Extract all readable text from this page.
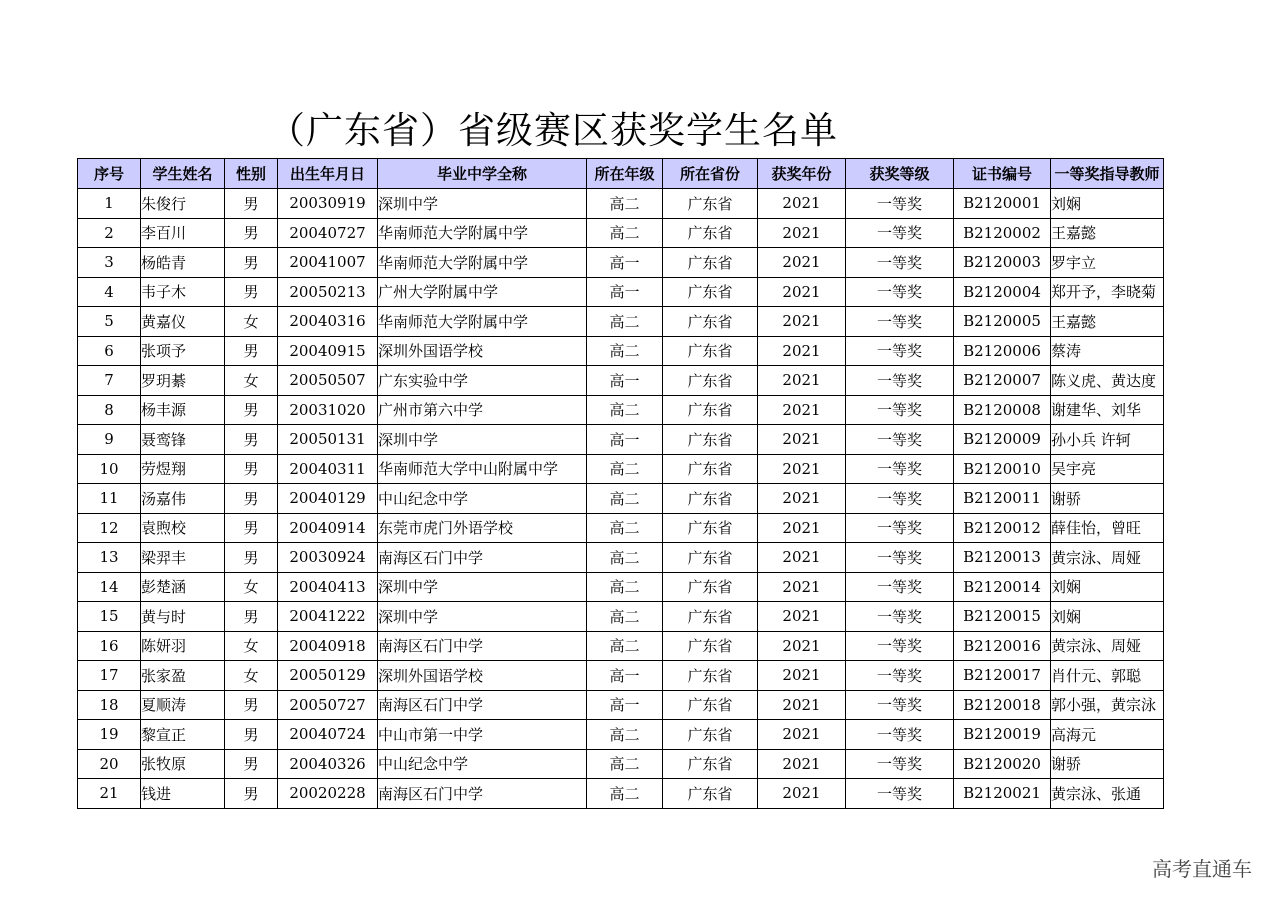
（广东省）省级赛区获奖学生名单
序号	学生姓名	性别	出生年月日	毕业中学全称	所在年级	所在省份	获奖年份	获奖等级	证书编号	一等奖指导教师
1	朱俊行	男	20030919	深圳中学	高二	广东省	2021	一等奖	B2120001	刘娴
2	李百川	男	20040727	华南师范大学附属中学	高二	广东省	2021	一等奖	B2120002	王嘉懿
3	杨皓青	男	20041007	华南师范大学附属中学	高一	广东省	2021	一等奖	B2120003	罗宇立
4	韦子木	男	20050213	广州大学附属中学	高一	广东省	2021	一等奖	B2120004	郑开予，李晓菊
5	黄嘉仪	女	20040316	华南师范大学附属中学	高二	广东省	2021	一等奖	B2120005	王嘉懿
6	张项予	男	20040915	深圳外国语学校	高二	广东省	2021	一等奖	B2120006	蔡涛
7	罗玥綦	女	20050507	广东实验中学	高一	广东省	2021	一等奖	B2120007	陈义虎、黄达度
8	杨丰源	男	20031020	广州市第六中学	高二	广东省	2021	一等奖	B2120008	谢建华、刘华
9	聂鸾锋	男	20050131	深圳中学	高一	广东省	2021	一等奖	B2120009	孙小兵 许轲
10	劳煜翔	男	20040311	华南师范大学中山附属中学	高二	广东省	2021	一等奖	B2120010	吴宇亮
11	汤嘉伟	男	20040129	中山纪念中学	高二	广东省	2021	一等奖	B2120011	谢骄
12	袁煦校	男	20040914	东莞市虎门外语学校	高二	广东省	2021	一等奖	B2120012	薛佳怡，曾旺
13	梁羿丰	男	20030924	南海区石门中学	高二	广东省	2021	一等奖	B2120013	黄宗泳、周娅
14	彭楚涵	女	20040413	深圳中学	高二	广东省	2021	一等奖	B2120014	刘娴
15	黄与时	男	20041222	深圳中学	高二	广东省	2021	一等奖	B2120015	刘娴
16	陈妍羽	女	20040918	南海区石门中学	高二	广东省	2021	一等奖	B2120016	黄宗泳、周娅
17	张家盈	女	20050129	深圳外国语学校	高一	广东省	2021	一等奖	B2120017	肖什元、郭聪
18	夏顺涛	男	20050727	南海区石门中学	高一	广东省	2021	一等奖	B2120018	郭小强，黄宗泳
19	黎宣正	男	20040724	中山市第一中学	高二	广东省	2021	一等奖	B2120019	高海元
20	张牧原	男	20040326	中山纪念中学	高二	广东省	2021	一等奖	B2120020	谢骄
21	钱进	男	20020228	南海区石门中学	高二	广东省	2021	一等奖	B2120021	黄宗泳、张通
高考直通车
